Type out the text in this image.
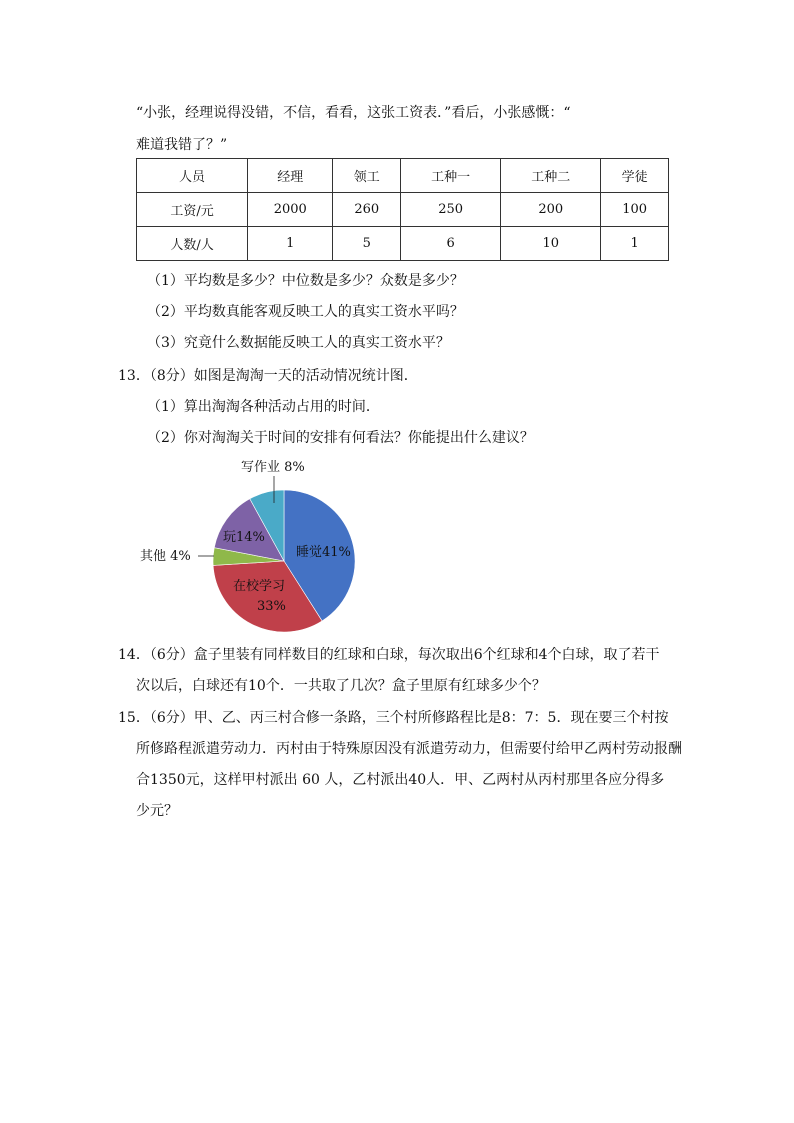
“小张，经理说得没错，不信，看看，这张工资表．”看后，小张感慨：“
难道我错了？”
人员	经理	领工	工种一	工种二	学徒
工资/元	2000	260	250	200	100
人数/人	1	5	6	10	1
（1）平均数是多少？中位数是多少？众数是多少？
（2）平均数真能客观反映工人的真实工资水平吗？
（3）究竟什么数据能反映工人的真实工资水平？
13．（8分）如图是淘淘一天的活动情况统计图．
（1）算出淘淘各种活动占用的时间．
（2）你对淘淘关于时间的安排有何看法？你能提出什么建议？
睡觉41%
在校学习
33%
其他 4%
玩14%
写作业 8%
14．（6分）盒子里装有同样数目的红球和白球，每次取出6个红球和4个白球，取了若干
次以后，白球还有10个．一共取了几次？盒子里原有红球多少个？
15．（6分）甲、乙、丙三村合修一条路，三个村所修路程比是8：7：5．现在要三个村按
所修路程派遣劳动力．丙村由于特殊原因没有派遣劳动力，但需要付给甲乙两村劳动报酬
合1350元，这样甲村派出 60 人，乙村派出40人．甲、乙两村从丙村那里各应分得多
少元？
